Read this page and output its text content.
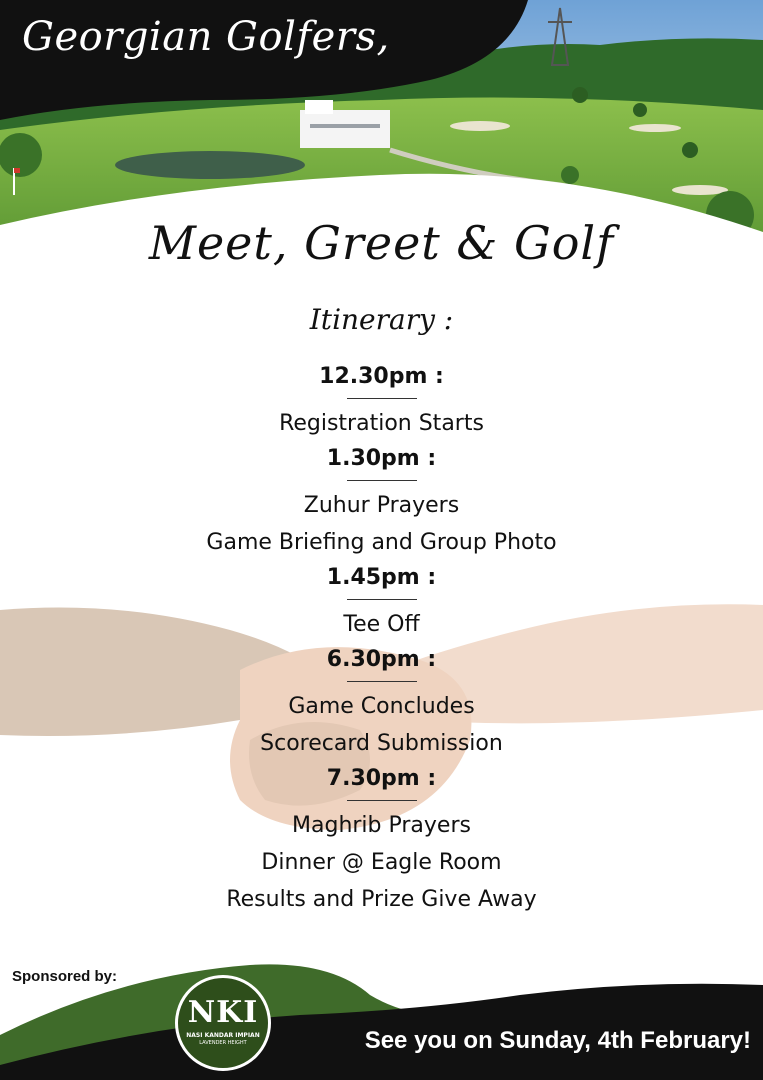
Georgian Golfers,
Meet, Greet & Golf
Itinerary :
12.30pm :
Registration Starts
1.30pm :
Zuhur Prayers
Game Briefing and Group Photo
1.45pm :
Tee Off
6.30pm :
Game Concludes
Scorecard Submission
7.30pm :
Maghrib Prayers
Dinner @ Eagle Room
Results and Prize Give Away
Sponsored by:
NKI
NASI KANDAR IMPIAN
LAVENDER HEIGHT	See you on Sunday, 4th February!
